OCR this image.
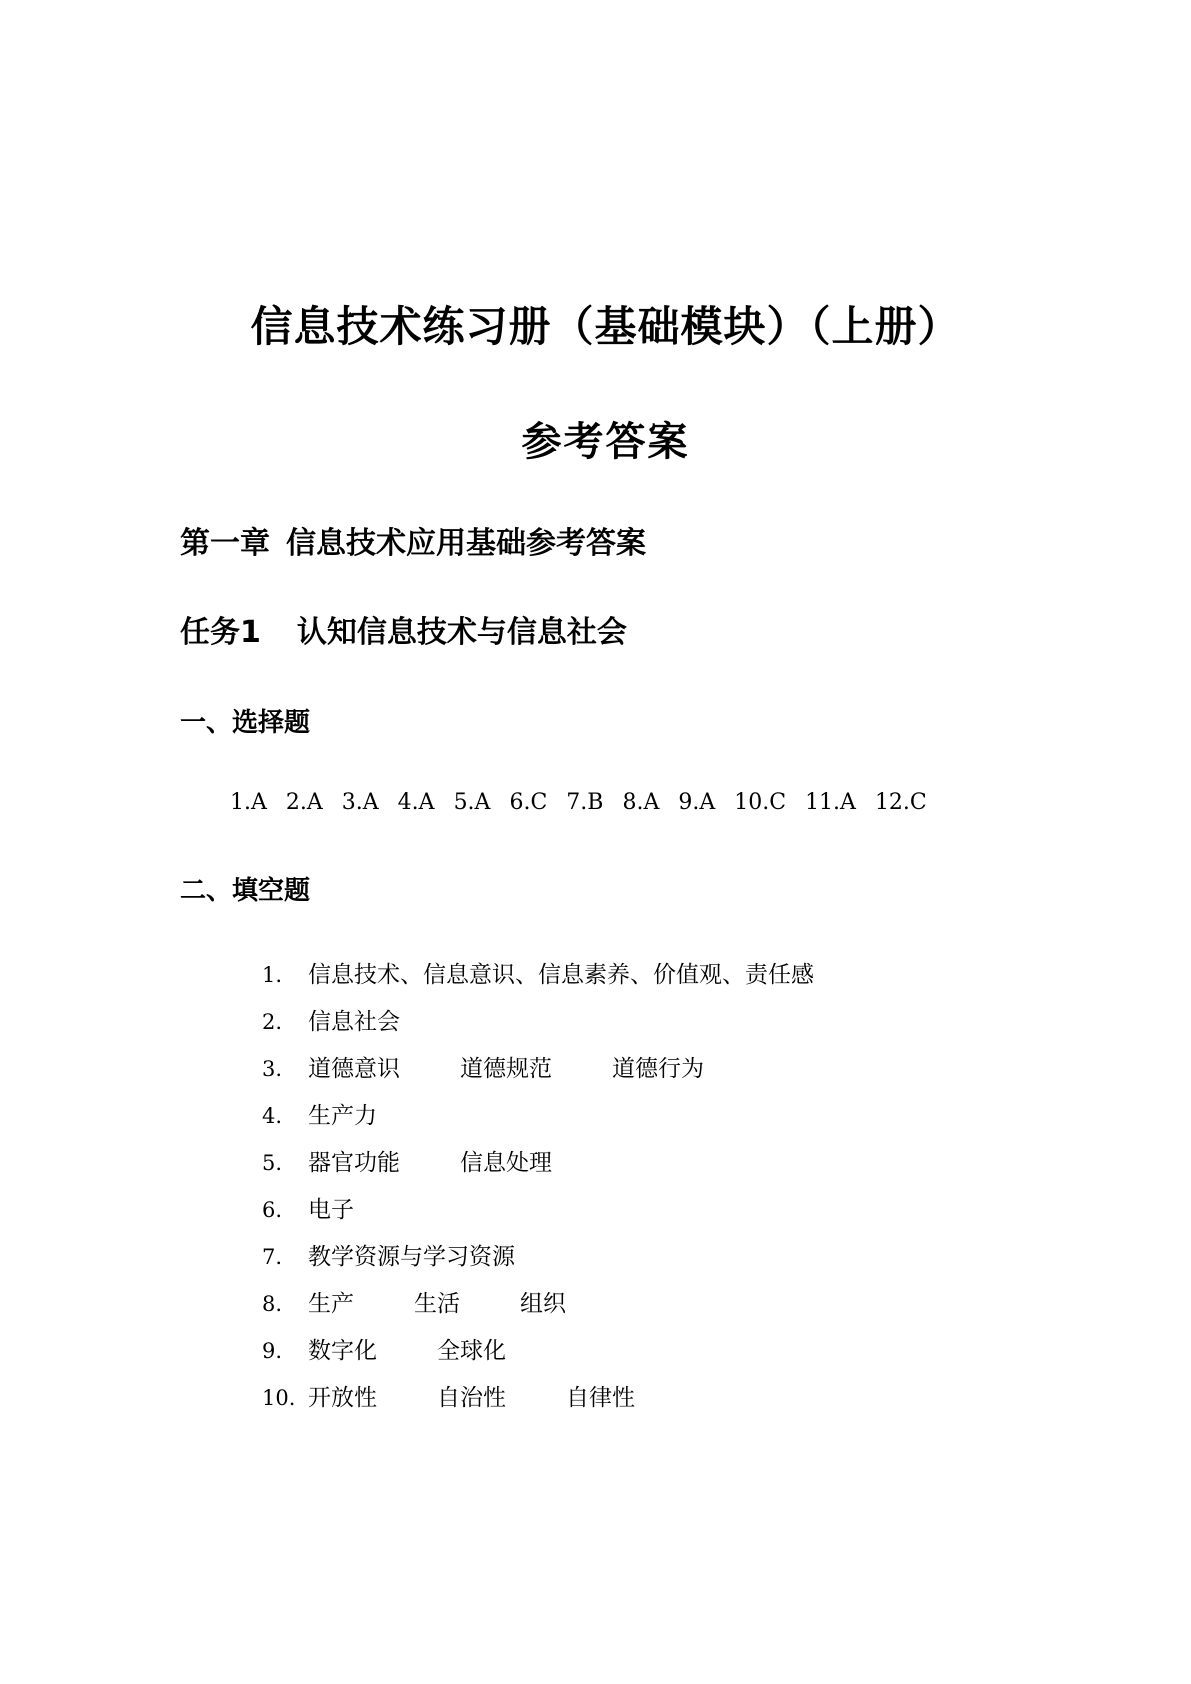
信息技术练习册（基础模块）（上册）
参考答案
第一章 信息技术应用基础参考答案
任务1 认知信息技术与信息社会
一、选择题

1.A 2.A 3.A 4.A 5.A 6.C 7.B 8.A 9.A 10.C 11.A 12.C

二、填空题
1.	信息技术、信息意识、信息素养、价值观、责任感
2.	信息社会
3.	道德意识	道德规范	道德行为
4.	生产力
5.	器官功能	信息处理
6.	电子
7.	教学资源与学习资源
8.	生产	生活	组织
9.	数字化	全球化
10. 开放性	自治性	自律性
